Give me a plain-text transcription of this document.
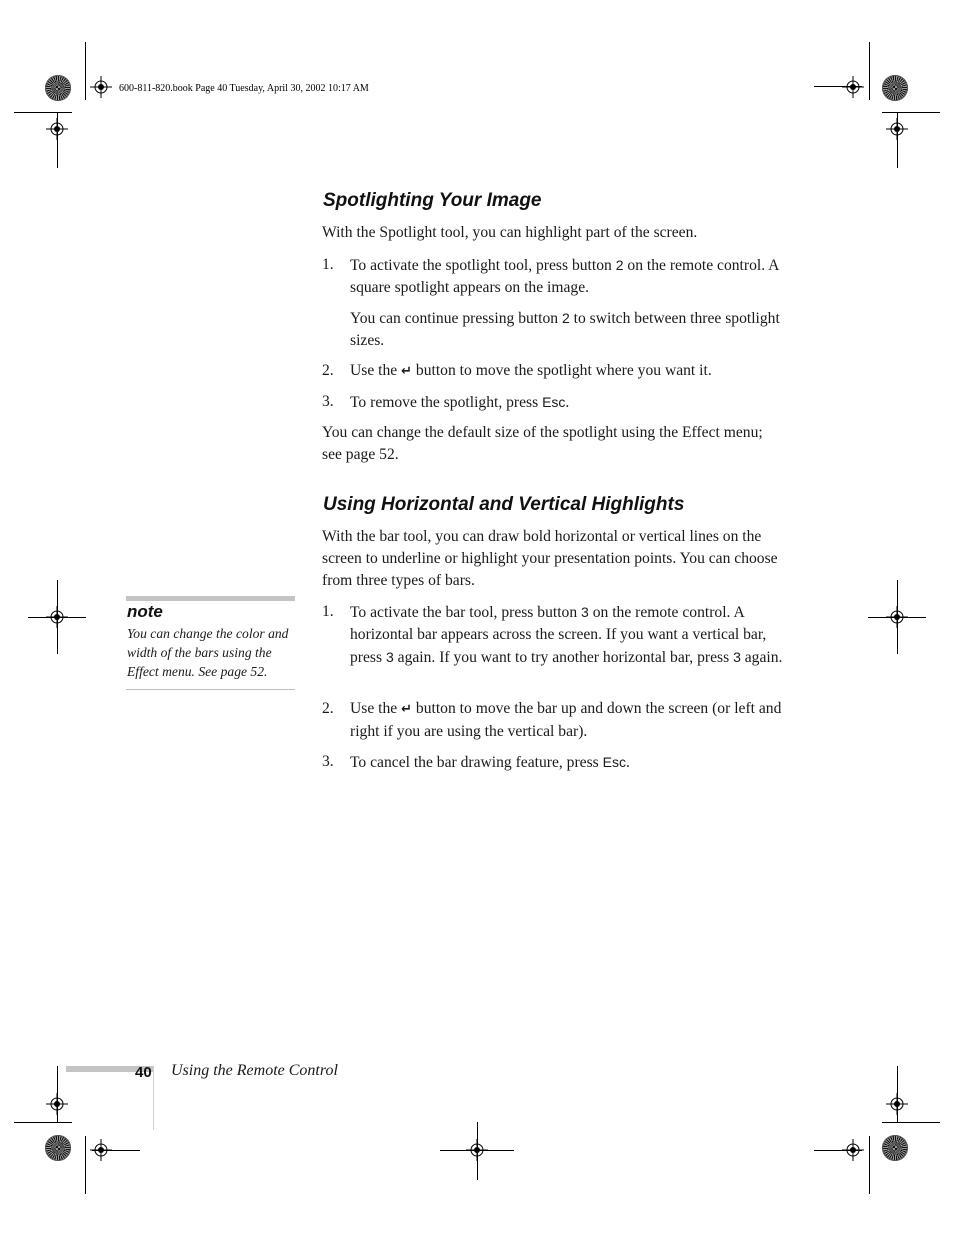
600-811-820.book Page 40 Tuesday, April 30, 2002 10:17 AM
Spotlighting Your Image
With the Spotlight tool, you can highlight part of the screen.
1.	To activate the spotlight tool, press button 2 on the remote control. A square spotlight appears on the image.
You can continue pressing button 2 to switch between three spotlight sizes.
2.	Use the ↵ button to move the spotlight where you want it.
3.	To remove the spotlight, press Esc.
You can change the default size of the spotlight using the Effect menu; see page 52.
Using Horizontal and Vertical Highlights
With the bar tool, you can draw bold horizontal or vertical lines on the screen to underline or highlight your presentation points. You can choose from three types of bars.
1.	To activate the bar tool, press button 3 on the remote control. A horizontal bar appears across the screen. If you want a vertical bar, press 3 again. If you want to try another horizontal bar, press 3 again.
2.	Use the ↵ button to move the bar up and down the screen (or left and right if you are using the vertical bar).
3.	To cancel the bar drawing feature, press Esc.
note
You can change the color and width of the bars using the Effect menu. See page 52.
40 Using the Remote Control
